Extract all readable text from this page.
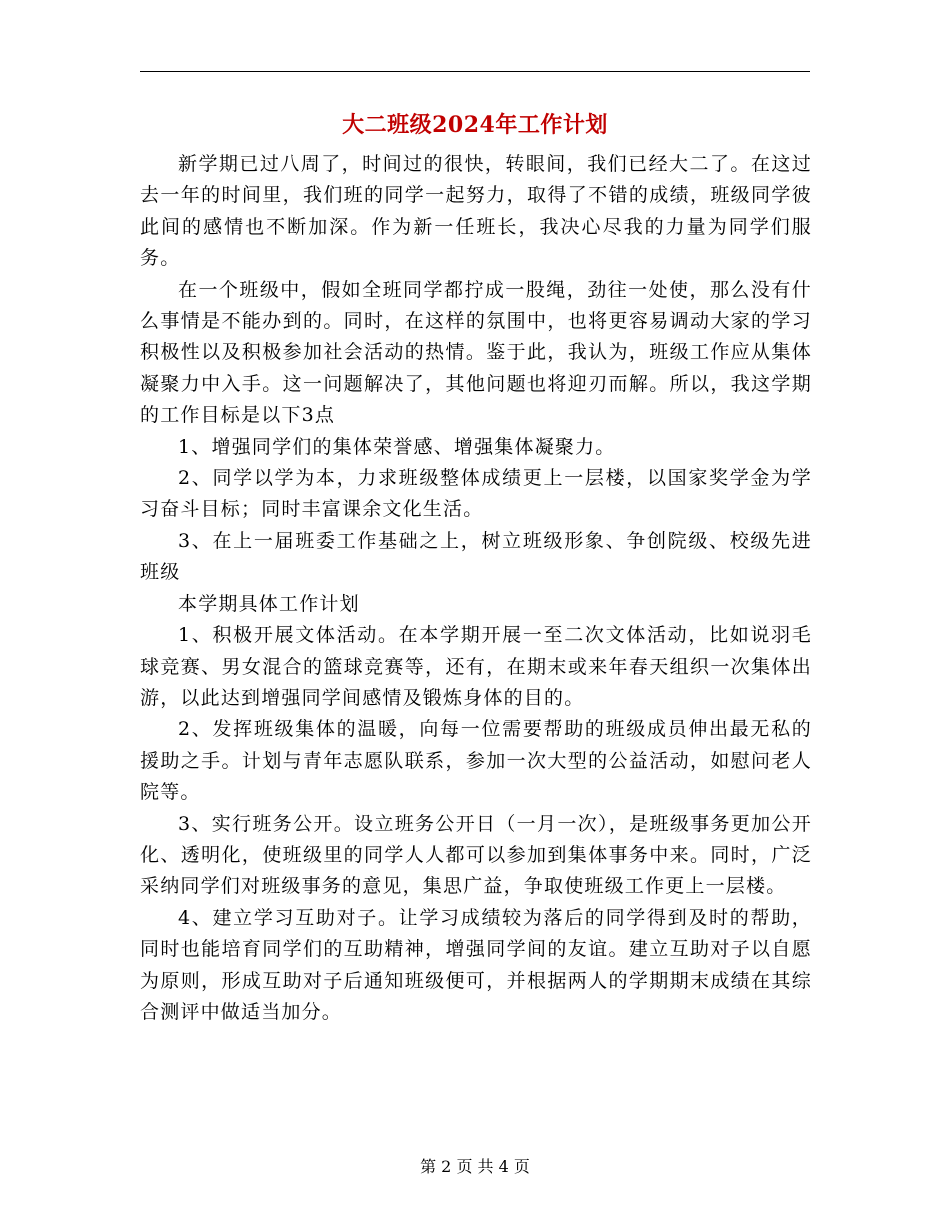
大二班级2024年工作计划

新学期已过八周了，时间过的很快，转眼间，我们已经大二了。在这过去一年的时间里，我们班的同学一起努力，取得了不错的成绩，班级同学彼此间的感情也不断加深。作为新一任班长，我决心尽我的力量为同学们服务。

在一个班级中，假如全班同学都拧成一股绳，劲往一处使，那么没有什么事情是不能办到的。同时，在这样的氛围中，也将更容易调动大家的学习积极性以及积极参加社会活动的热情。鉴于此，我认为，班级工作应从集体凝聚力中入手。这一问题解决了，其他问题也将迎刃而解。所以，我这学期的工作目标是以下3点

1、增强同学们的集体荣誉感、增强集体凝聚力。

2、同学以学为本，力求班级整体成绩更上一层楼，以国家奖学金为学习奋斗目标；同时丰富课余文化生活。

3、在上一届班委工作基础之上，树立班级形象、争创院级、校级先进班级

本学期具体工作计划

1、积极开展文体活动。在本学期开展一至二次文体活动，比如说羽毛球竞赛、男女混合的篮球竞赛等，还有，在期末或来年春天组织一次集体出游，以此达到增强同学间感情及锻炼身体的目的。

2、发挥班级集体的温暖，向每一位需要帮助的班级成员伸出最无私的援助之手。计划与青年志愿队联系，参加一次大型的公益活动，如慰问老人院等。

3、实行班务公开。设立班务公开日（一月一次），是班级事务更加公开化、透明化，使班级里的同学人人都可以参加到集体事务中来。同时，广泛采纳同学们对班级事务的意见，集思广益，争取使班级工作更上一层楼。

4、建立学习互助对子。让学习成绩较为落后的同学得到及时的帮助，同时也能培育同学们的互助精神，增强同学间的友谊。建立互助对子以自愿为原则，形成互助对子后通知班级便可，并根据两人的学期期末成绩在其综合测评中做适当加分。

第 2 页 共 4 页
